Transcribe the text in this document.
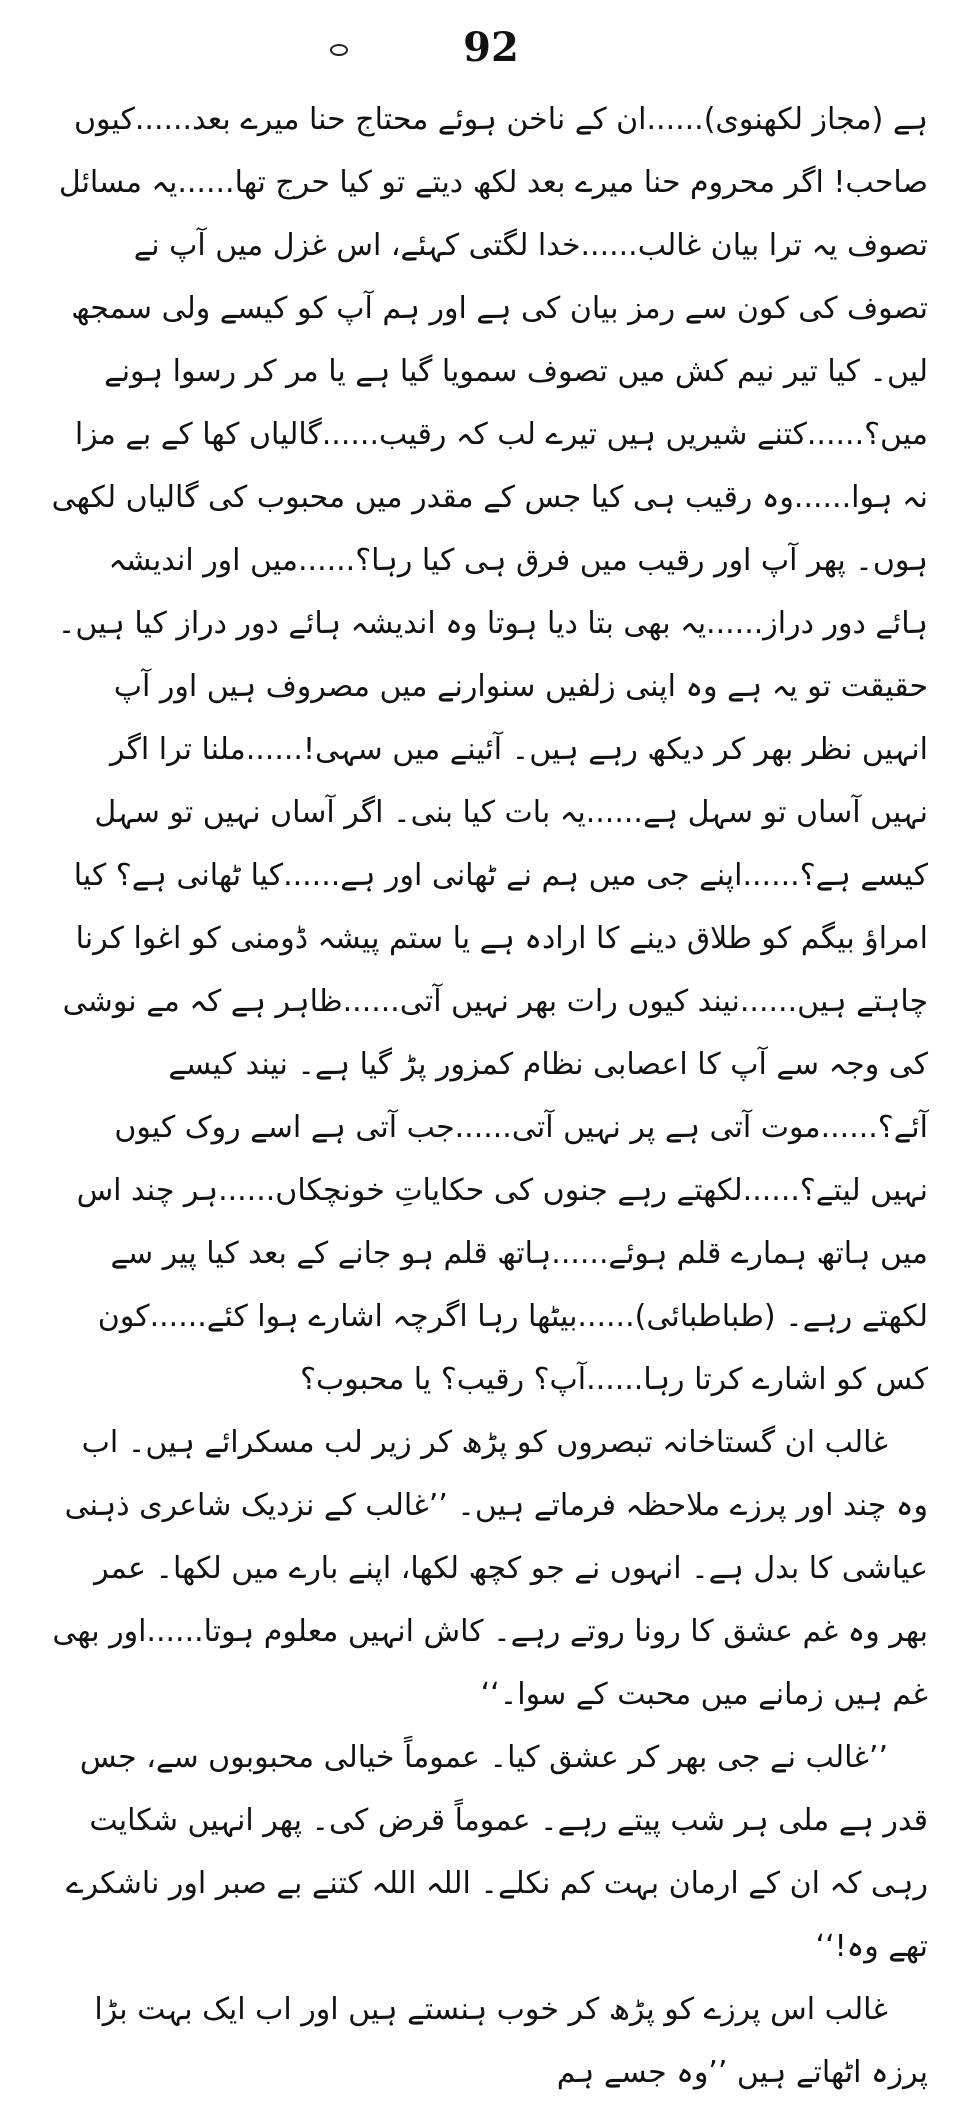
92

ہے (مجاز لکھنوی)......ان کے ناخن ہوئے محتاج حنا میرے بعد......کیوں صاحب! اگر محروم حنا میرے بعد لکھ دیتے تو کیا حرج تھا......یہ مسائل تصوف یہ ترا بیان غالب......خدا لگتی کہئے، اس غزل میں آپ نے تصوف کی کون سے رمز بیان کی ہے اور ہم آپ کو کیسے ولی سمجھ لیں۔ کیا تیر نیم کش میں تصوف سمویا گیا ہے یا مر کر رسوا ہونے میں؟......کتنے شیریں ہیں تیرے لب کہ رقیب......گالیاں کھا کے بے مزا نہ ہوا......وہ رقیب ہی کیا جس کے مقدر میں محبوب کی گالیاں لکھی ہوں۔ پھر آپ اور رقیب میں فرق ہی کیا رہا؟......میں اور اندیشہ ہائے دور دراز......یہ بھی بتا دیا ہوتا وہ اندیشہ ہائے دور دراز کیا ہیں۔ حقیقت تو یہ ہے وہ اپنی زلفیں سنوارنے میں مصروف ہیں اور آپ انہیں نظر بھر کر دیکھ رہے ہیں۔ آئینے میں سہی!......ملنا ترا اگر نہیں آساں تو سہل ہے......یہ بات کیا بنی۔ اگر آساں نہیں تو سہل کیسے ہے؟......اپنے جی میں ہم نے ٹھانی اور ہے......کیا ٹھانی ہے؟ کیا امراؤ بیگم کو طلاق دینے کا ارادہ ہے یا ستم پیشہ ڈومنی کو اغوا کرنا چاہتے ہیں......نیند کیوں رات بھر نہیں آتی......ظاہر ہے کہ مے نوشی کی وجہ سے آپ کا اعصابی نظام کمزور پڑ گیا ہے۔ نیند کیسے آئے؟......موت آتی ہے پر نہیں آتی......جب آتی ہے اسے روک کیوں نہیں لیتے؟......لکھتے رہے جنوں کی حکایاتِ خونچکاں......ہر چند اس میں ہاتھ ہمارے قلم ہوئے......ہاتھ قلم ہو جانے کے بعد کیا پیر سے لکھتے رہے۔ (طباطبائی)......بیٹھا رہا اگرچہ اشارے ہوا کئے......کون کس کو اشارے کرتا رہا......آپ؟ رقیب؟ یا محبوب؟

غالب ان گستاخانہ تبصروں کو پڑھ کر زیر لب مسکرائے ہیں۔ اب وہ چند اور پرزے ملاحظہ فرماتے ہیں۔ ’’غالب کے نزدیک شاعری ذہنی عیاشی کا بدل ہے۔ انہوں نے جو کچھ لکھا، اپنے بارے میں لکھا۔ عمر بھر وہ غم عشق کا رونا روتے رہے۔ کاش انہیں معلوم ہوتا......اور بھی غم ہیں زمانے میں محبت کے سوا۔‘‘

’’غالب نے جی بھر کر عشق کیا۔ عموماً خیالی محبوبوں سے، جس قدر ہے ملی ہر شب پیتے رہے۔ عموماً قرض کی۔ پھر انہیں شکایت رہی کہ ان کے ارمان بہت کم نکلے۔ اللہ اللہ کتنے بے صبر اور ناشکرے تھے وہ!‘‘

غالب اس پرزے کو پڑھ کر خوب ہنستے ہیں اور اب ایک بہت بڑا پرزہ اٹھاتے ہیں ’’وہ جسے ہم
